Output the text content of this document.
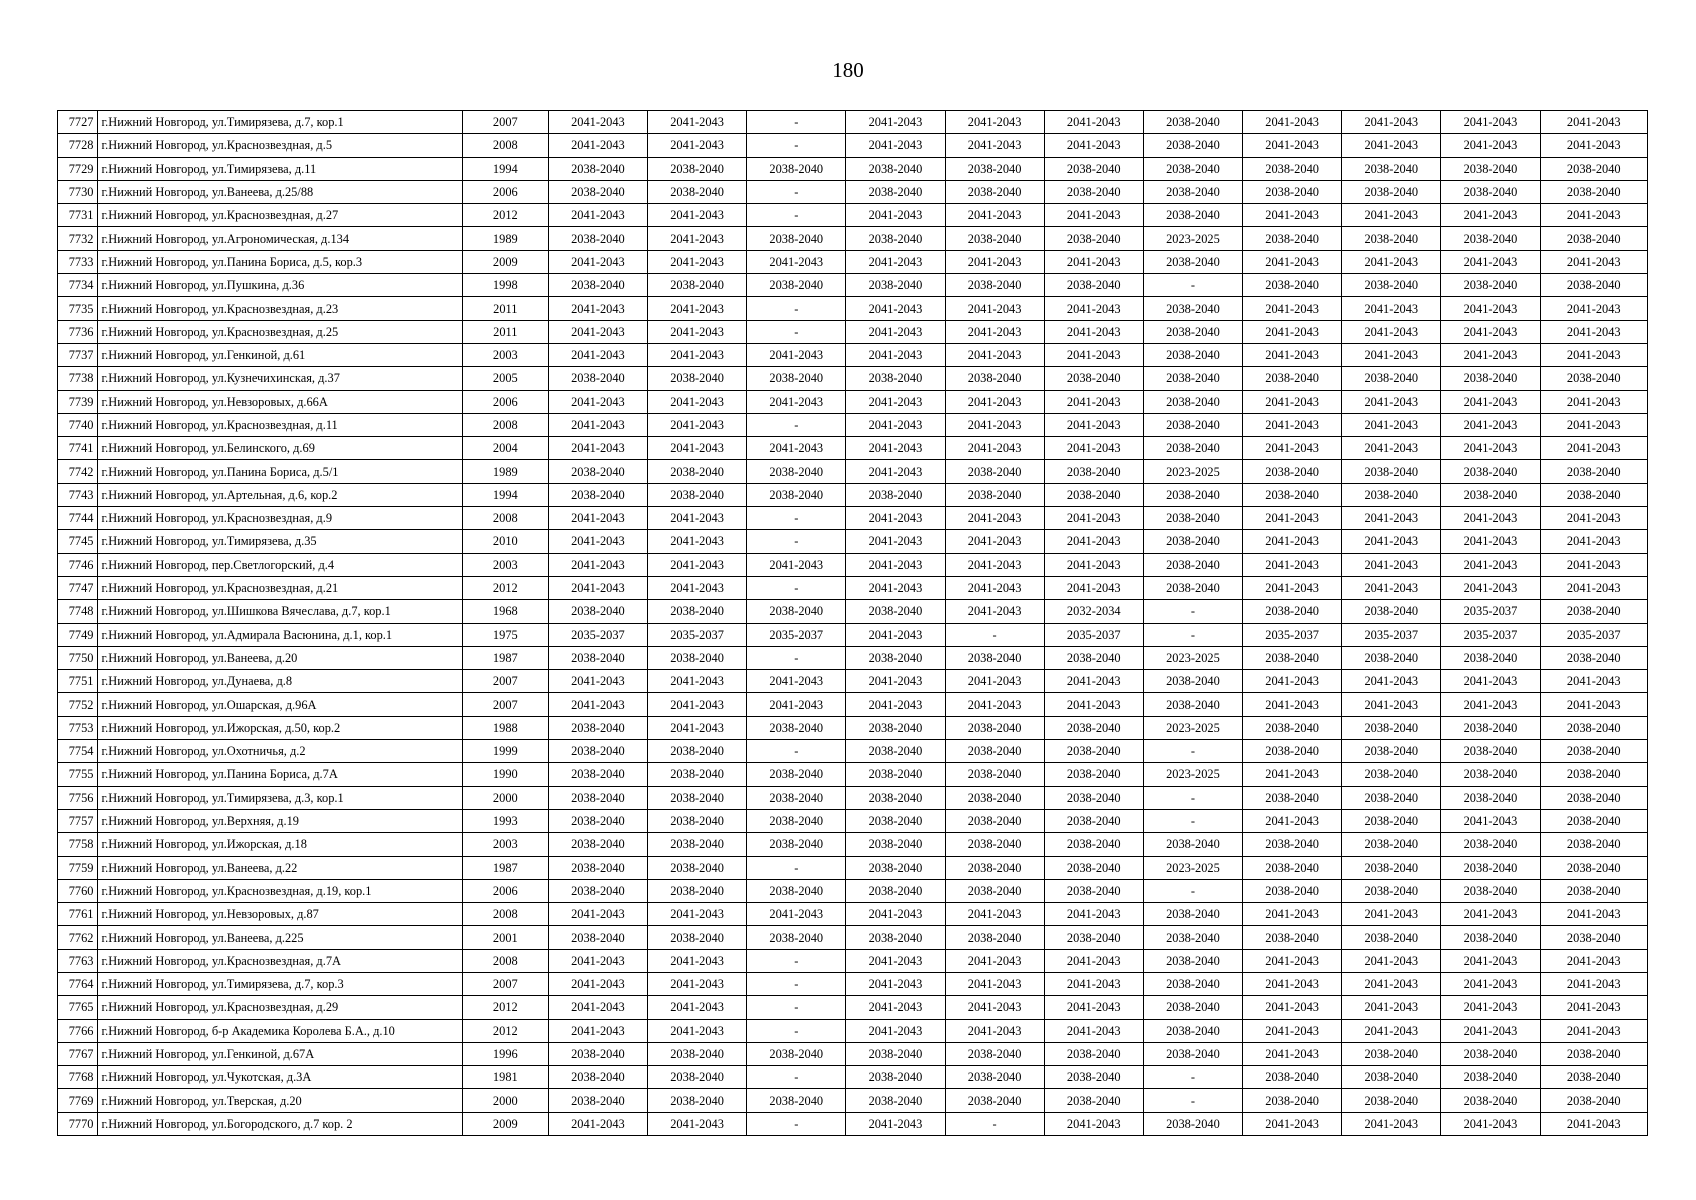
180
7727	г.Нижний Новгород, ул.Тимирязева, д.7, кор.1	2007	2041-2043	2041-2043	-	2041-2043	2041-2043	2041-2043	2038-2040	2041-2043	2041-2043	2041-2043	2041-2043
7728	г.Нижний Новгород, ул.Краснозвездная, д.5	2008	2041-2043	2041-2043	-	2041-2043	2041-2043	2041-2043	2038-2040	2041-2043	2041-2043	2041-2043	2041-2043
7729	г.Нижний Новгород, ул.Тимирязева, д.11	1994	2038-2040	2038-2040	2038-2040	2038-2040	2038-2040	2038-2040	2038-2040	2038-2040	2038-2040	2038-2040	2038-2040
7730	г.Нижний Новгород, ул.Ванеева, д.25/88	2006	2038-2040	2038-2040	-	2038-2040	2038-2040	2038-2040	2038-2040	2038-2040	2038-2040	2038-2040	2038-2040
7731	г.Нижний Новгород, ул.Краснозвездная, д.27	2012	2041-2043	2041-2043	-	2041-2043	2041-2043	2041-2043	2038-2040	2041-2043	2041-2043	2041-2043	2041-2043
7732	г.Нижний Новгород, ул.Агрономическая, д.134	1989	2038-2040	2041-2043	2038-2040	2038-2040	2038-2040	2038-2040	2023-2025	2038-2040	2038-2040	2038-2040	2038-2040
7733	г.Нижний Новгород, ул.Панина Бориса, д.5, кор.3	2009	2041-2043	2041-2043	2041-2043	2041-2043	2041-2043	2041-2043	2038-2040	2041-2043	2041-2043	2041-2043	2041-2043
7734	г.Нижний Новгород, ул.Пушкина, д.36	1998	2038-2040	2038-2040	2038-2040	2038-2040	2038-2040	2038-2040	-	2038-2040	2038-2040	2038-2040	2038-2040
7735	г.Нижний Новгород, ул.Краснозвездная, д.23	2011	2041-2043	2041-2043	-	2041-2043	2041-2043	2041-2043	2038-2040	2041-2043	2041-2043	2041-2043	2041-2043
7736	г.Нижний Новгород, ул.Краснозвездная, д.25	2011	2041-2043	2041-2043	-	2041-2043	2041-2043	2041-2043	2038-2040	2041-2043	2041-2043	2041-2043	2041-2043
7737	г.Нижний Новгород, ул.Генкиной, д.61	2003	2041-2043	2041-2043	2041-2043	2041-2043	2041-2043	2041-2043	2038-2040	2041-2043	2041-2043	2041-2043	2041-2043
7738	г.Нижний Новгород, ул.Кузнечихинская, д.37	2005	2038-2040	2038-2040	2038-2040	2038-2040	2038-2040	2038-2040	2038-2040	2038-2040	2038-2040	2038-2040	2038-2040
7739	г.Нижний Новгород, ул.Невзоровых, д.66А	2006	2041-2043	2041-2043	2041-2043	2041-2043	2041-2043	2041-2043	2038-2040	2041-2043	2041-2043	2041-2043	2041-2043
7740	г.Нижний Новгород, ул.Краснозвездная, д.11	2008	2041-2043	2041-2043	-	2041-2043	2041-2043	2041-2043	2038-2040	2041-2043	2041-2043	2041-2043	2041-2043
7741	г.Нижний Новгород, ул.Белинского, д.69	2004	2041-2043	2041-2043	2041-2043	2041-2043	2041-2043	2041-2043	2038-2040	2041-2043	2041-2043	2041-2043	2041-2043
7742	г.Нижний Новгород, ул.Панина Бориса, д.5/1	1989	2038-2040	2038-2040	2038-2040	2041-2043	2038-2040	2038-2040	2023-2025	2038-2040	2038-2040	2038-2040	2038-2040
7743	г.Нижний Новгород, ул.Артельная, д.6, кор.2	1994	2038-2040	2038-2040	2038-2040	2038-2040	2038-2040	2038-2040	2038-2040	2038-2040	2038-2040	2038-2040	2038-2040
7744	г.Нижний Новгород, ул.Краснозвездная, д.9	2008	2041-2043	2041-2043	-	2041-2043	2041-2043	2041-2043	2038-2040	2041-2043	2041-2043	2041-2043	2041-2043
7745	г.Нижний Новгород, ул.Тимирязева, д.35	2010	2041-2043	2041-2043	-	2041-2043	2041-2043	2041-2043	2038-2040	2041-2043	2041-2043	2041-2043	2041-2043
7746	г.Нижний Новгород, пер.Светлогорский, д.4	2003	2041-2043	2041-2043	2041-2043	2041-2043	2041-2043	2041-2043	2038-2040	2041-2043	2041-2043	2041-2043	2041-2043
7747	г.Нижний Новгород, ул.Краснозвездная, д.21	2012	2041-2043	2041-2043	-	2041-2043	2041-2043	2041-2043	2038-2040	2041-2043	2041-2043	2041-2043	2041-2043
7748	г.Нижний Новгород, ул.Шишкова Вячеслава, д.7, кор.1	1968	2038-2040	2038-2040	2038-2040	2038-2040	2041-2043	2032-2034	-	2038-2040	2038-2040	2035-2037	2038-2040
7749	г.Нижний Новгород, ул.Адмирала Васюнина, д.1, кор.1	1975	2035-2037	2035-2037	2035-2037	2041-2043	-	2035-2037	-	2035-2037	2035-2037	2035-2037	2035-2037
7750	г.Нижний Новгород, ул.Ванеева, д.20	1987	2038-2040	2038-2040	-	2038-2040	2038-2040	2038-2040	2023-2025	2038-2040	2038-2040	2038-2040	2038-2040
7751	г.Нижний Новгород, ул.Дунаева, д.8	2007	2041-2043	2041-2043	2041-2043	2041-2043	2041-2043	2041-2043	2038-2040	2041-2043	2041-2043	2041-2043	2041-2043
7752	г.Нижний Новгород, ул.Ошарская, д.96А	2007	2041-2043	2041-2043	2041-2043	2041-2043	2041-2043	2041-2043	2038-2040	2041-2043	2041-2043	2041-2043	2041-2043
7753	г.Нижний Новгород, ул.Ижорская, д.50, кор.2	1988	2038-2040	2041-2043	2038-2040	2038-2040	2038-2040	2038-2040	2023-2025	2038-2040	2038-2040	2038-2040	2038-2040
7754	г.Нижний Новгород, ул.Охотничья, д.2	1999	2038-2040	2038-2040	-	2038-2040	2038-2040	2038-2040	-	2038-2040	2038-2040	2038-2040	2038-2040
7755	г.Нижний Новгород, ул.Панина Бориса, д.7А	1990	2038-2040	2038-2040	2038-2040	2038-2040	2038-2040	2038-2040	2023-2025	2041-2043	2038-2040	2038-2040	2038-2040
7756	г.Нижний Новгород, ул.Тимирязева, д.3, кор.1	2000	2038-2040	2038-2040	2038-2040	2038-2040	2038-2040	2038-2040	-	2038-2040	2038-2040	2038-2040	2038-2040
7757	г.Нижний Новгород, ул.Верхняя, д.19	1993	2038-2040	2038-2040	2038-2040	2038-2040	2038-2040	2038-2040	-	2041-2043	2038-2040	2041-2043	2038-2040
7758	г.Нижний Новгород, ул.Ижорская, д.18	2003	2038-2040	2038-2040	2038-2040	2038-2040	2038-2040	2038-2040	2038-2040	2038-2040	2038-2040	2038-2040	2038-2040
7759	г.Нижний Новгород, ул.Ванеева, д.22	1987	2038-2040	2038-2040	-	2038-2040	2038-2040	2038-2040	2023-2025	2038-2040	2038-2040	2038-2040	2038-2040
7760	г.Нижний Новгород, ул.Краснозвездная, д.19, кор.1	2006	2038-2040	2038-2040	2038-2040	2038-2040	2038-2040	2038-2040	-	2038-2040	2038-2040	2038-2040	2038-2040
7761	г.Нижний Новгород, ул.Невзоровых, д.87	2008	2041-2043	2041-2043	2041-2043	2041-2043	2041-2043	2041-2043	2038-2040	2041-2043	2041-2043	2041-2043	2041-2043
7762	г.Нижний Новгород, ул.Ванеева, д.225	2001	2038-2040	2038-2040	2038-2040	2038-2040	2038-2040	2038-2040	2038-2040	2038-2040	2038-2040	2038-2040	2038-2040
7763	г.Нижний Новгород, ул.Краснозвездная, д.7А	2008	2041-2043	2041-2043	-	2041-2043	2041-2043	2041-2043	2038-2040	2041-2043	2041-2043	2041-2043	2041-2043
7764	г.Нижний Новгород, ул.Тимирязева, д.7, кор.3	2007	2041-2043	2041-2043	-	2041-2043	2041-2043	2041-2043	2038-2040	2041-2043	2041-2043	2041-2043	2041-2043
7765	г.Нижний Новгород, ул.Краснозвездная, д.29	2012	2041-2043	2041-2043	-	2041-2043	2041-2043	2041-2043	2038-2040	2041-2043	2041-2043	2041-2043	2041-2043
7766	г.Нижний Новгород, б-р Академика Королева Б.А., д.10	2012	2041-2043	2041-2043	-	2041-2043	2041-2043	2041-2043	2038-2040	2041-2043	2041-2043	2041-2043	2041-2043
7767	г.Нижний Новгород, ул.Генкиной, д.67А	1996	2038-2040	2038-2040	2038-2040	2038-2040	2038-2040	2038-2040	2038-2040	2041-2043	2038-2040	2038-2040	2038-2040
7768	г.Нижний Новгород, ул.Чукотская, д.3А	1981	2038-2040	2038-2040	-	2038-2040	2038-2040	2038-2040	-	2038-2040	2038-2040	2038-2040	2038-2040
7769	г.Нижний Новгород, ул.Тверская, д.20	2000	2038-2040	2038-2040	2038-2040	2038-2040	2038-2040	2038-2040	-	2038-2040	2038-2040	2038-2040	2038-2040
7770	г.Нижний Новгород, ул.Богородского, д.7 кор. 2	2009	2041-2043	2041-2043	-	2041-2043	-	2041-2043	2038-2040	2041-2043	2041-2043	2041-2043	2041-2043
